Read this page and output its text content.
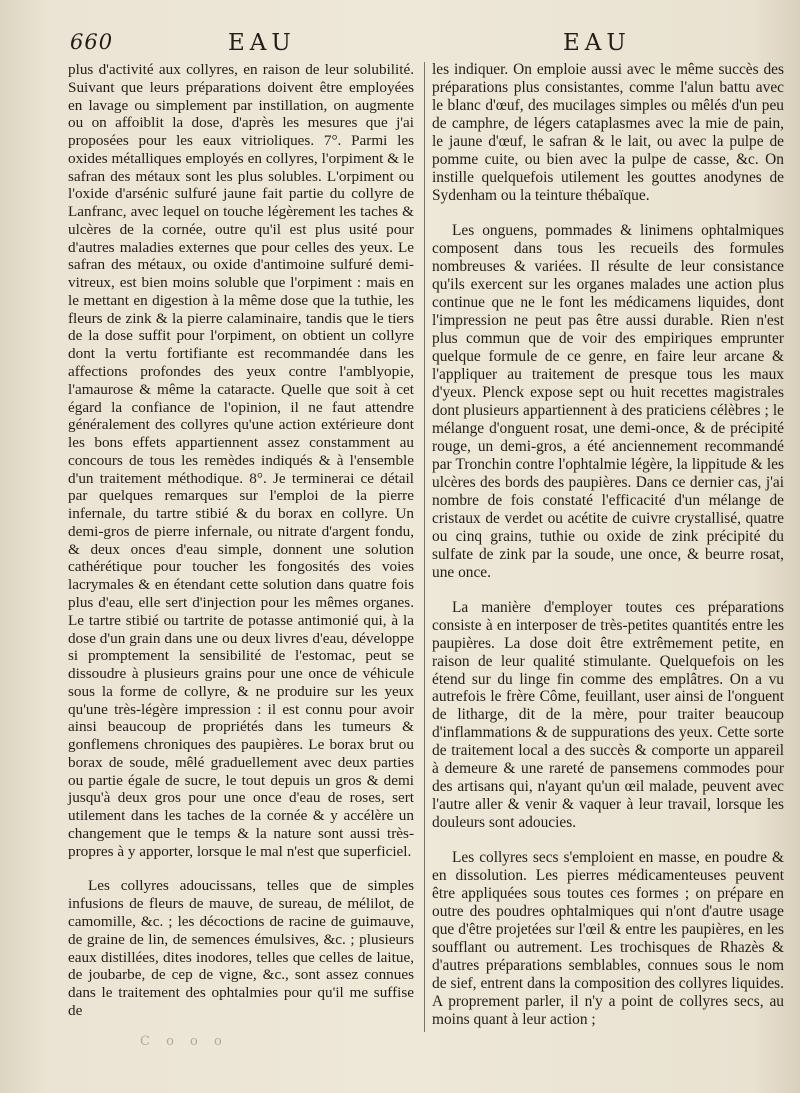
660	EAU	EAU

plus d'activité aux collyres, en raison de leur solubilité. Suivant que leurs préparations doivent être employées en lavage ou simplement par instillation, on augmente ou on affoiblit la dose, d'après les mesures que j'ai proposées pour les eaux vitrioliques. 7°. Parmi les oxides métalliques employés en collyres, l'orpiment & le safran des métaux sont les plus solubles. L'orpiment ou l'oxide d'arsénic sulfuré jaune fait partie du collyre de Lanfranc, avec lequel on touche légèrement les taches & ulcères de la cornée, outre qu'il est plus usité pour d'autres maladies externes que pour celles des yeux. Le safran des métaux, ou oxide d'antimoine sulfuré demi-vitreux, est bien moins soluble que l'orpiment : mais en le mettant en digestion à la même dose que la tuthie, les fleurs de zink & la pierre calaminaire, tandis que le tiers de la dose suffit pour l'orpiment, on obtient un collyre dont la vertu fortifiante est recommandée dans les affections profondes des yeux contre l'amblyopie, l'amaurose & même la cataracte. Quelle que soit à cet égard la confiance de l'opinion, il ne faut attendre généralement des collyres qu'une action extérieure dont les bons effets appartiennent assez constamment au concours de tous les remèdes indiqués & à l'ensemble d'un traitement méthodique. 8°. Je terminerai ce détail par quelques remarques sur l'emploi de la pierre infernale, du tartre stibié & du borax en collyre. Un demi-gros de pierre infernale, ou nitrate d'argent fondu, & deux onces d'eau simple, donnent une solution cathérétique pour toucher les fongosités des voies lacrymales & en étendant cette solution dans quatre fois plus d'eau, elle sert d'injection pour les mêmes organes. Le tartre stibié ou tartrite de potasse antimonié qui, à la dose d'un grain dans une ou deux livres d'eau, développe si promptement la sensibilité de l'estomac, peut se dissoudre à plusieurs grains pour une once de véhicule sous la forme de collyre, & ne produire sur les yeux qu'une très-légère impression : il est connu pour avoir ainsi beaucoup de propriétés dans les tumeurs & gonflemens chroniques des paupières. Le borax brut ou borax de soude, mêlé graduellement avec deux parties ou partie égale de sucre, le tout depuis un gros & demi jusqu'à deux gros pour une once d'eau de roses, sert utilement dans les taches de la cornée & y accélère un changement que le temps & la nature sont aussi très-propres à y apporter, lorsque le mal n'est que superficiel.

Les collyres adoucissans, telles que de simples infusions de fleurs de mauve, de sureau, de mélilot, de camomille, &c. ; les décoctions de racine de guimauve, de graine de lin, de semences émulsives, &c. ; plusieurs eaux distillées, dites inodores, telles que celles de laitue, de joubarbe, de cep de vigne, &c., sont assez connues dans le traitement des ophtalmies pour qu'il me suffise de

les indiquer. On emploie aussi avec le même succès des préparations plus consistantes, comme l'alun battu avec le blanc d'œuf, des mucilages simples ou mêlés d'un peu de camphre, de légers cataplasmes avec la mie de pain, le jaune d'œuf, le safran & le lait, ou avec la pulpe de pomme cuite, ou bien avec la pulpe de casse, &c. On instille quelquefois utilement les gouttes anodynes de Sydenham ou la teinture thébaïque.

Les onguens, pommades & linimens ophtalmiques composent dans tous les recueils des formules nombreuses & variées. Il résulte de leur consistance qu'ils exercent sur les organes malades une action plus continue que ne le font les médicamens liquides, dont l'impression ne peut pas être aussi durable. Rien n'est plus commun que de voir des empiriques emprunter quelque formule de ce genre, en faire leur arcane & l'appliquer au traitement de presque tous les maux d'yeux. Plenck expose sept ou huit recettes magistrales dont plusieurs appartiennent à des praticiens célèbres ; le mélange d'onguent rosat, une demi-once, & de précipité rouge, un demi-gros, a été anciennement recommandé par Tronchin contre l'ophtalmie légère, la lippitude & les ulcères des bords des paupières. Dans ce dernier cas, j'ai nombre de fois constaté l'efficacité d'un mélange de cristaux de verdet ou acétite de cuivre crystallisé, quatre ou cinq grains, tuthie ou oxide de zink précipité du sulfate de zink par la soude, une once, & beurre rosat, une once.

La manière d'employer toutes ces préparations consiste à en interposer de très-petites quantités entre les paupières. La dose doit être extrêmement petite, en raison de leur qualité stimulante. Quelquefois on les étend sur du linge fin comme des emplâtres. On a vu autrefois le frère Côme, feuillant, user ainsi de l'onguent de litharge, dit de la mère, pour traiter beaucoup d'inflammations & de suppurations des yeux. Cette sorte de traitement local a des succès & comporte un appareil à demeure & une rareté de pansemens commodes pour des artisans qui, n'ayant qu'un œil malade, peuvent avec l'autre aller & venir & vaquer à leur travail, lorsque les douleurs sont adoucies.

Les collyres secs s'emploient en masse, en poudre & en dissolution. Les pierres médicamenteuses peuvent être appliquées sous toutes ces formes ; on prépare en outre des poudres ophtalmiques qui n'ont d'autre usage que d'être projetées sur l'œil & entre les paupières, en les soufflant ou autrement. Les trochisques de Rhazès & d'autres préparations semblables, connues sous le nom de sief, entrent dans la composition des collyres liquides. A proprement parler, il n'y a point de collyres secs, au moins quant à leur action ;

C o o o
